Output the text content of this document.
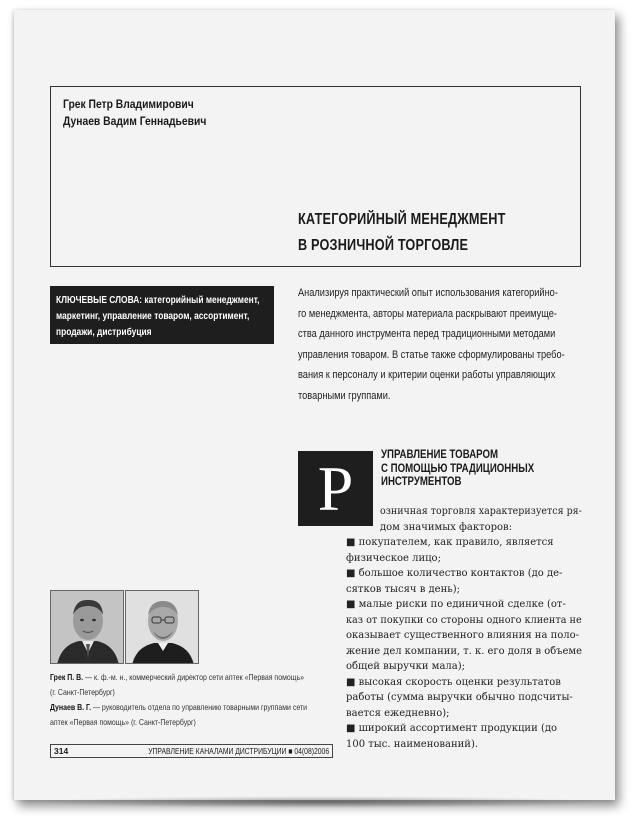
Грек Петр Владимирович
Дунаев Вадим Геннадьевич
КАТЕГОРИЙНЫЙ МЕНЕДЖМЕНТ
В РОЗНИЧНОЙ ТОРГОВЛЕ

КЛЮЧЕВЫЕ СЛОВА: категорийный менеджмент, маркетинг, управление товаром, ассортимент, продажи, дистрибуция

Анализируя практический опыт использования категорийно-
го менеджмента, авторы материала раскрывают преимуще-
ства данного инструмента перед традиционными методами
управления товаром. В статье также сформулированы требо-
вания к персоналу и критерии оценки работы управляющих
товарными группами.
Р	УПРАВЛЕНИЕ ТОВАРОМ
С ПОМОЩЬЮ ТРАДИЦИОННЫХ
ИНСТРУМЕНТОВ
озничная торговля характеризуется ря-
дом значимых факторов:
■ покупателем, как правило, является
физическое лицо;
■ большое количество контактов (до де-
сятков тысяч в день);
■ малые риски по единичной сделке (от-
каз от покупки со стороны одного клиента не
оказывает существенного влияния на поло-
жение дел компании, т. к. его доля в объеме
общей выручки мала);
■ высокая скорость оценки результатов
работы (сумма выручки обычно подсчиты-
вается ежедневно);
■ широкий ассортимент продукции (до
100 тыс. наименований).
Грек П. В. — к. ф.-м. н., коммерческий директор сети аптек «Первая помощь»
(г. Санкт-Петербург)
Дунаев В. Г. — руководитель отдела по управлению товарными группами сети
аптек «Первая помощь» (г. Санкт-Петербург)
314	УПРАВЛЕНИЕ КАНАЛАМИ ДИСТРИБУЦИИ ■ 04(08)2006
